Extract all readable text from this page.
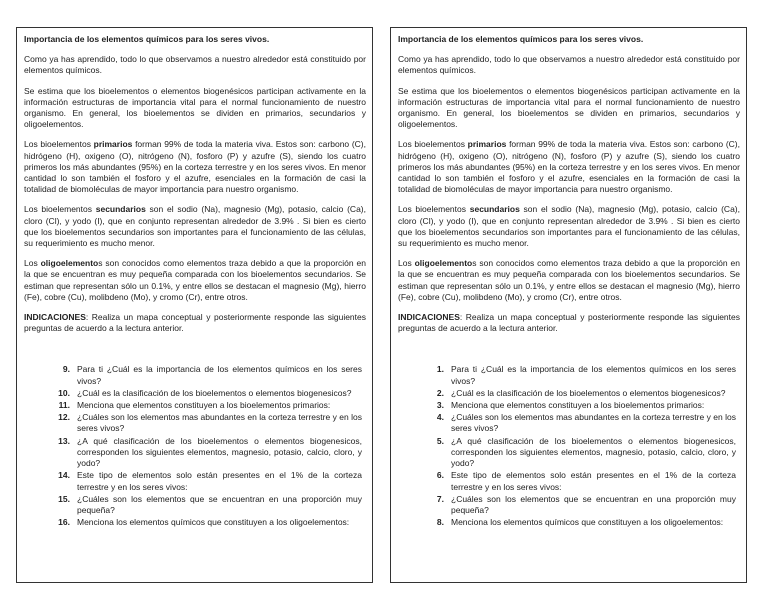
Importancia de los elementos químicos para los seres vivos.

Como ya has aprendido, todo lo que observamos a nuestro alrededor está constituido por elementos químicos.

Se estima que los bioelementos o elementos biogenésicos participan activamente en la información estructuras de importancia vital para el normal funcionamiento de nuestro organismo. En general, los bioelementos se dividen en primarios, secundarios y oligoelementos.

Los bioelementos primarios forman 99% de toda la materia viva. Estos son: carbono (C), hidrógeno (H), oxigeno (O), nitrógeno (N), fosforo (P) y azufre (S), siendo los cuatro primeros los más abundantes (95%) en la corteza terrestre y en los seres vivos. En menor cantidad lo son también el fosforo y el azufre, esenciales en la formación de casi la totalidad de biomoléculas de mayor importancia para nuestro organismo.

Los bioelementos secundarios son el sodio (Na), magnesio (Mg), potasio, calcio (Ca), cloro (Cl), y yodo (I), que en conjunto representan alrededor de 3.9% . Si bien es cierto que los bioelementos secundarios son importantes para el funcionamiento de las células, su requerimiento es mucho menor.

Los oligoelementos son conocidos como elementos traza debido a que la proporción en la que se encuentran es muy pequeña comparada con los bioelementos secundarios. Se estiman que representan sólo un 0.1%, y entre ellos se destacan el magnesio (Mg), hierro (Fe), cobre (Cu), molibdeno (Mo), y cromo (Cr), entre otros.

INDICACIONES: Realiza un mapa conceptual y posteriormente responde las siguientes preguntas de acuerdo a la lectura anterior.

9. Para ti ¿Cuál es la importancia de los elementos químicos en los seres vivos?
10. ¿Cuál es la clasificación de los bioelementos o elementos biogenesicos?
11. Menciona que elementos constituyen a los bioelementos primarios:
12. ¿Cuáles son los elementos mas abundantes en la corteza terrestre y en los seres vivos?
13. ¿A qué clasificación de los bioelementos o elementos biogenesicos, corresponden los siguientes elementos, magnesio, potasio, calcio, cloro, y yodo?
14. Este tipo de elementos solo están presentes en el 1% de la corteza terrestre y en los seres vivos:
15. ¿Cuáles son los elementos que se encuentran en una proporción muy pequeña?
16. Menciona los elementos químicos que constituyen a los oligoelementos:
Importancia de los elementos químicos para los seres vivos.

Como ya has aprendido, todo lo que observamos a nuestro alrededor está constituido por elementos químicos.

Se estima que los bioelementos o elementos biogenésicos participan activamente en la información estructuras de importancia vital para el normal funcionamiento de nuestro organismo. En general, los bioelementos se dividen en primarios, secundarios y oligoelementos.

Los bioelementos primarios forman 99% de toda la materia viva. Estos son: carbono (C), hidrógeno (H), oxigeno (O), nitrógeno (N), fosforo (P) y azufre (S), siendo los cuatro primeros los más abundantes (95%) en la corteza terrestre y en los seres vivos. En menor cantidad lo son también el fosforo y el azufre, esenciales en la formación de casi la totalidad de biomoléculas de mayor importancia para nuestro organismo.

Los bioelementos secundarios son el sodio (Na), magnesio (Mg), potasio, calcio (Ca), cloro (Cl), y yodo (I), que en conjunto representan alrededor de 3.9% . Si bien es cierto que los bioelementos secundarios son importantes para el funcionamiento de las células, su requerimiento es mucho menor.

Los oligoelementos son conocidos como elementos traza debido a que la proporción en la que se encuentran es muy pequeña comparada con los bioelementos secundarios. Se estiman que representan sólo un 0.1%, y entre ellos se destacan el magnesio (Mg), hierro (Fe), cobre (Cu), molibdeno (Mo), y cromo (Cr), entre otros.

INDICACIONES: Realiza un mapa conceptual y posteriormente responde las siguientes preguntas de acuerdo a la lectura anterior.

1. Para ti ¿Cuál es la importancia de los elementos químicos en los seres vivos?
2. ¿Cuál es la clasificación de los bioelementos o elementos biogenesicos?
3. Menciona que elementos constituyen a los bioelementos primarios:
4. ¿Cuáles son los elementos mas abundantes en la corteza terrestre y en los seres vivos?
5. ¿A qué clasificación de los bioelementos o elementos biogenesicos, corresponden los siguientes elementos, magnesio, potasio, calcio, cloro, y yodo?
6. Este tipo de elementos solo están presentes en el 1% de la corteza terrestre y en los seres vivos:
7. ¿Cuáles son los elementos que se encuentran en una proporción muy pequeña?
8. Menciona los elementos químicos que constituyen a los oligoelementos:
